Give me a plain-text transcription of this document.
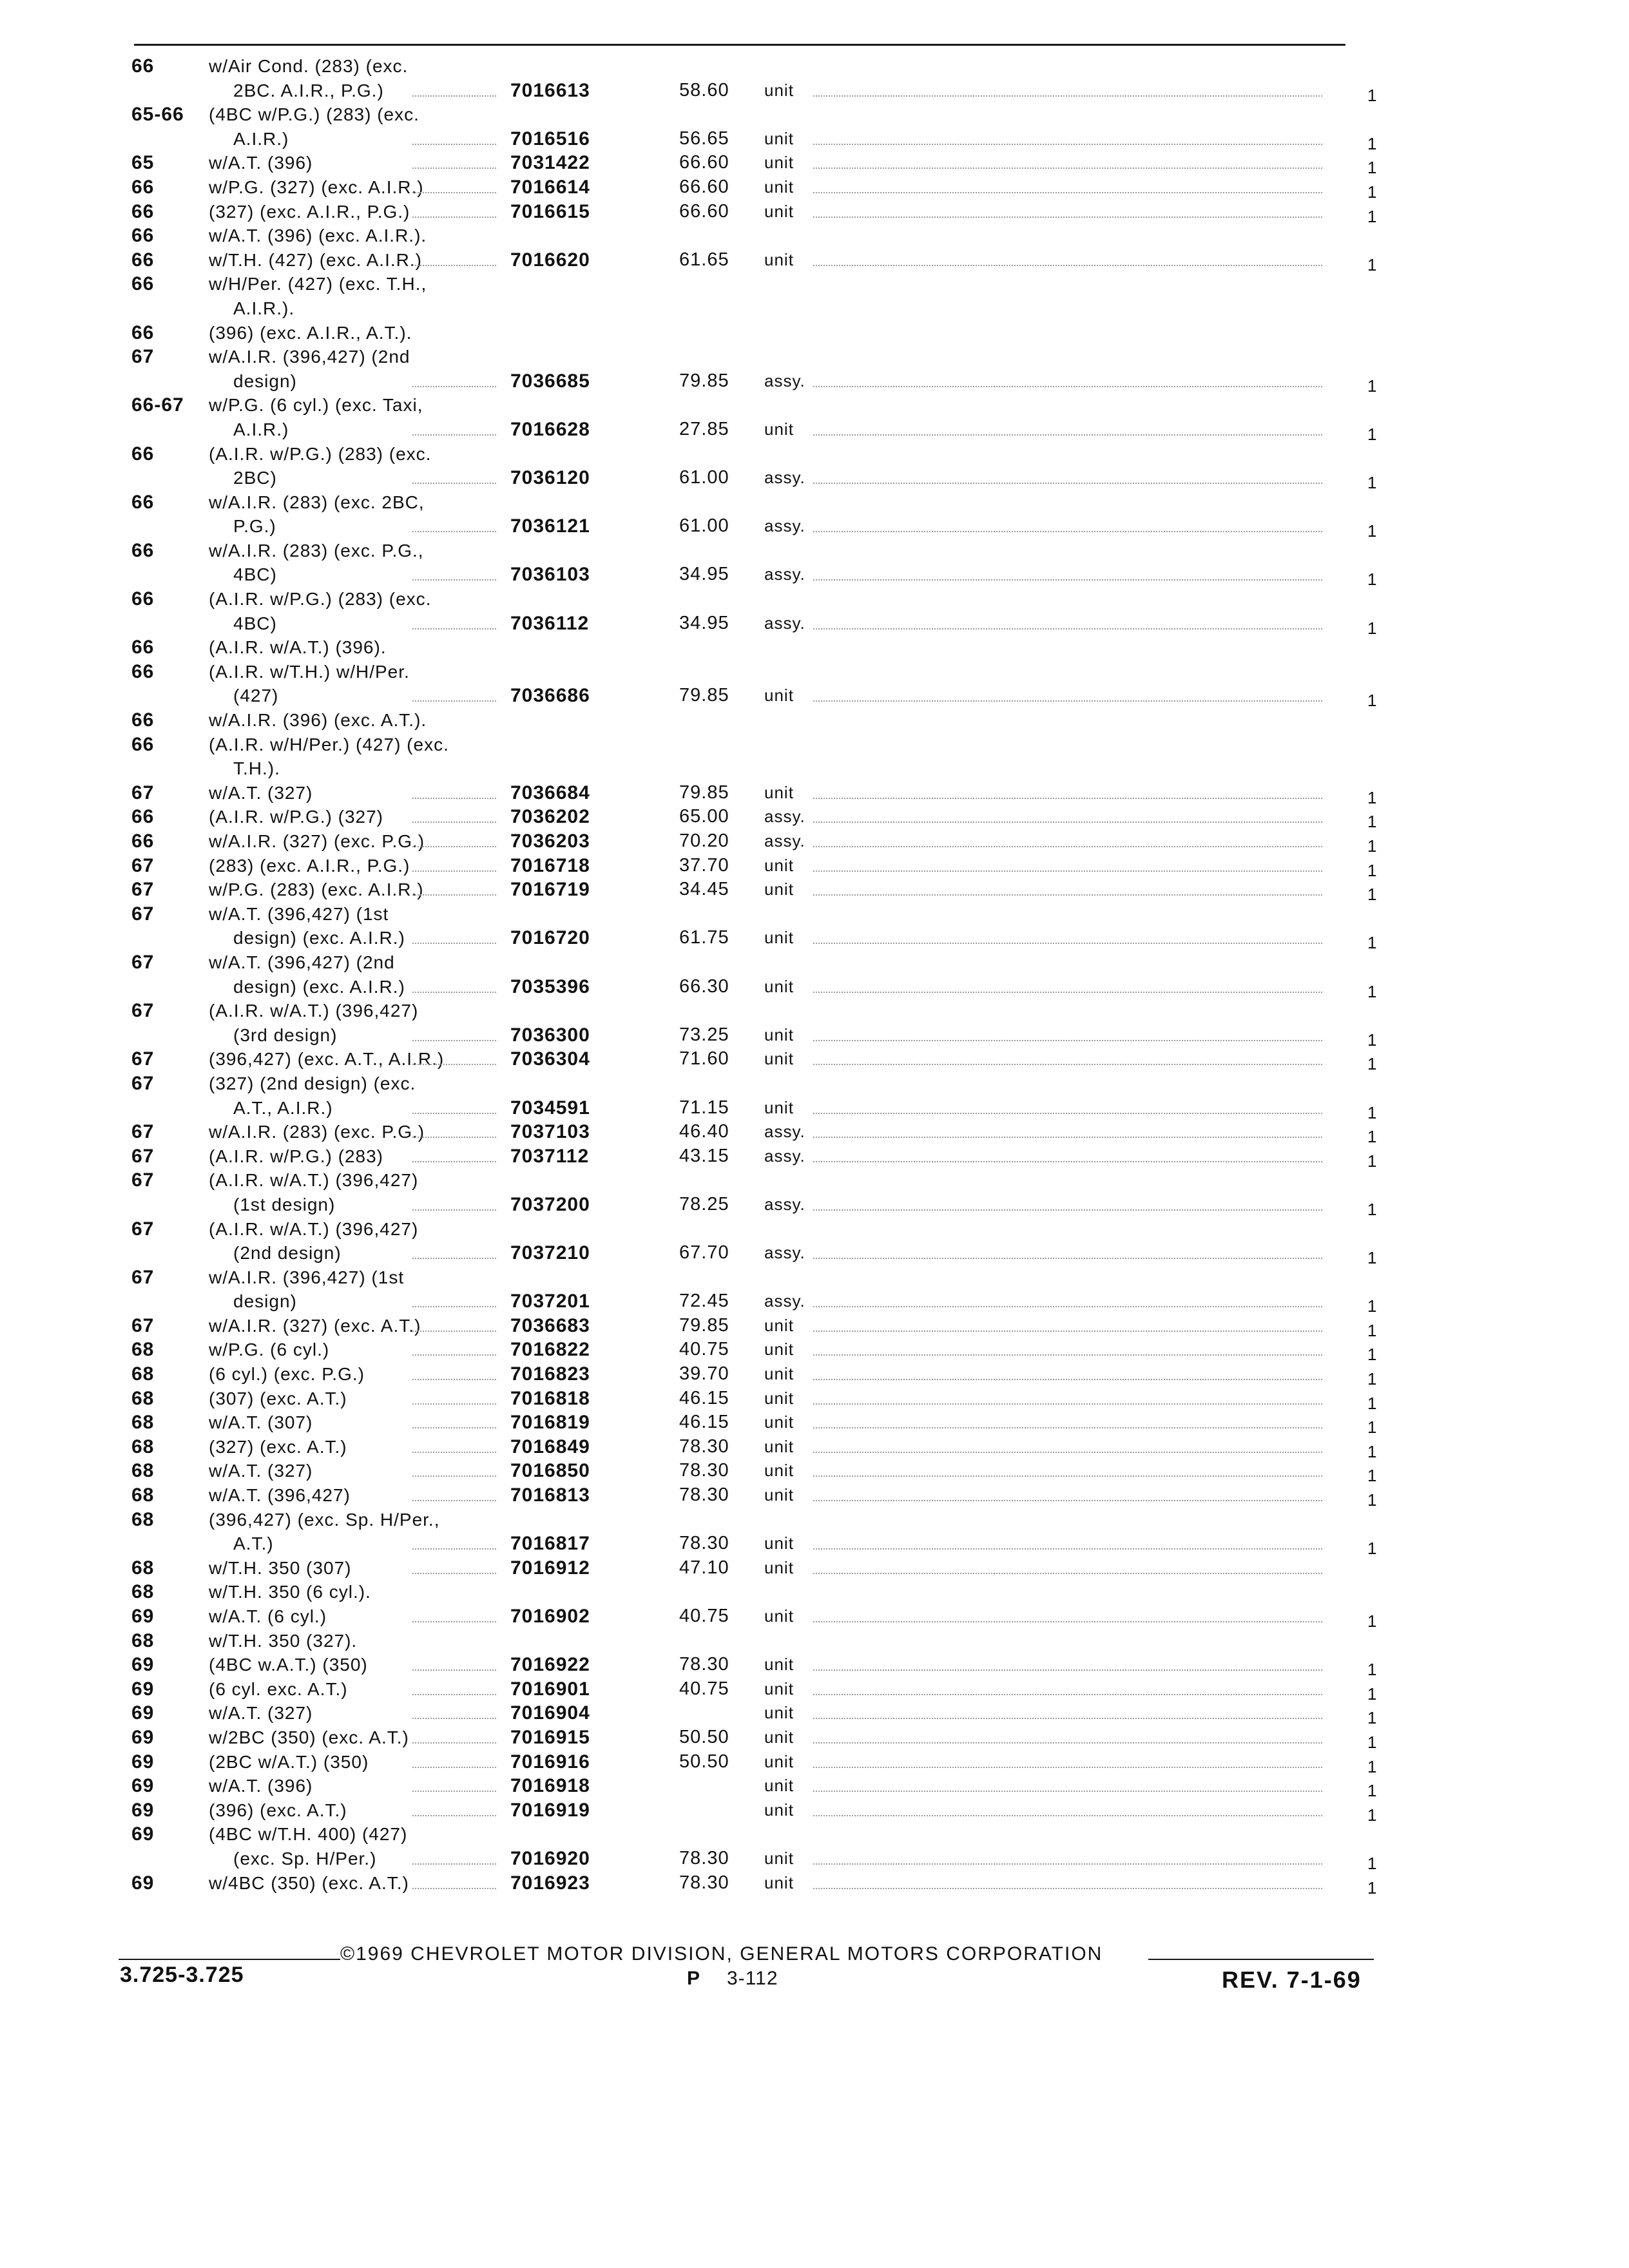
66	w/Air Cond. (283) (exc.
2BC. A.I.R., P.G.)	7016613	58.60 unit	1
65-66 (4BC w/P.G.) (283) (exc.
A.I.R.)	7016516	56.65 unit	1
65	w/A.T. (396)	7031422	66.60 unit	1
66	w/P.G. (327) (exc. A.I.R.)	7016614	66.60 unit	1
66	(327) (exc. A.I.R., P.G.)	7016615	66.60 unit	1
66	w/A.T. (396) (exc. A.I.R.).
66	w/T.H. (427) (exc. A.I.R.)	7016620	61.65 unit	1
66	w/H/Per. (427) (exc. T.H.,
A.I.R.).
66	(396) (exc. A.I.R., A.T.).
67	w/A.I.R. (396,427) (2nd
design)	7036685	79.85 assy.	1
66-67 w/P.G. (6 cyl.) (exc. Taxi,
A.I.R.)	7016628	27.85 unit	1
66	(A.I.R. w/P.G.) (283) (exc.
2BC)	7036120	61.00 assy.	1
66	w/A.I.R. (283) (exc. 2BC,
P.G.)	7036121	61.00 assy.	1
66	w/A.I.R. (283) (exc. P.G.,
4BC)	7036103	34.95 assy.	1
66	(A.I.R. w/P.G.) (283) (exc.
4BC)	7036112	34.95 assy.	1
66	(A.I.R. w/A.T.) (396).
66	(A.I.R. w/T.H.) w/H/Per.
(427)	7036686	79.85 unit	1
66	w/A.I.R. (396) (exc. A.T.).
66	(A.I.R. w/H/Per.) (427) (exc.
T.H.).
67	w/A.T. (327)	7036684	79.85 unit	1
66	(A.I.R. w/P.G.) (327)	7036202	65.00 assy.	1
66	w/A.I.R. (327) (exc. P.G.)	7036203	70.20 assy.	1
67	(283) (exc. A.I.R., P.G.)	7016718	37.70 unit	1
67	w/P.G. (283) (exc. A.I.R.)	7016719	34.45 unit	1
67	w/A.T. (396,427) (1st
design) (exc. A.I.R.)	7016720	61.75 unit	1
67	w/A.T. (396,427) (2nd
design) (exc. A.I.R.)	7035396	66.30 unit	1
67	(A.I.R. w/A.T.) (396,427)
(3rd design)	7036300	73.25 unit	1
67	(396,427) (exc. A.T., A.I.R.)	7036304	71.60 unit	1
67	(327) (2nd design) (exc.
A.T., A.I.R.)	7034591	71.15 unit	1
67	w/A.I.R. (283) (exc. P.G.)	7037103	46.40 assy.	1
67	(A.I.R. w/P.G.) (283)	7037112	43.15 assy.	1
67	(A.I.R. w/A.T.) (396,427)
(1st design)	7037200	78.25 assy.	1
67	(A.I.R. w/A.T.) (396,427)
(2nd design)	7037210	67.70 assy.	1
67	w/A.I.R. (396,427) (1st
design)	7037201	72.45 assy.	1
67	w/A.I.R. (327) (exc. A.T.)	7036683	79.85 unit	1
68	w/P.G. (6 cyl.)	7016822	40.75 unit	1
68	(6 cyl.) (exc. P.G.)	7016823	39.70 unit	1
68	(307) (exc. A.T.)	7016818	46.15 unit	1
68	w/A.T. (307)	7016819	46.15 unit	1
68	(327) (exc. A.T.)	7016849	78.30 unit	1
68	w/A.T. (327)	7016850	78.30 unit	1
68	w/A.T. (396,427)	7016813	78.30 unit	1
68	(396,427) (exc. Sp. H/Per.,
A.T.)	7016817	78.30 unit	1
68	w/T.H. 350 (307)	7016912	47.10 unit
68	w/T.H. 350 (6 cyl.).
69	w/A.T. (6 cyl.)	7016902	40.75 unit	1
68	w/T.H. 350 (327).
69	(4BC w.A.T.) (350)	7016922	78.30 unit	1
69	(6 cyl. exc. A.T.)	7016901	40.75 unit	1
69	w/A.T. (327)	7016904	unit	1
69	w/2BC (350) (exc. A.T.)	7016915	50.50 unit	1
69	(2BC w/A.T.) (350)	7016916	50.50 unit	1
69	w/A.T. (396)	7016918	unit	1
69	(396) (exc. A.T.)	7016919	unit	1
69	(4BC w/T.H. 400) (427)
(exc. Sp. H/Per.)	7016920	78.30 unit	1
69	w/4BC (350) (exc. A.T.)	7016923	78.30 unit	1
©1969 CHEVROLET MOTOR DIVISION, GENERAL MOTORS CORPORATION
3.725-3.725	P 3-112	REV. 7-1-69
